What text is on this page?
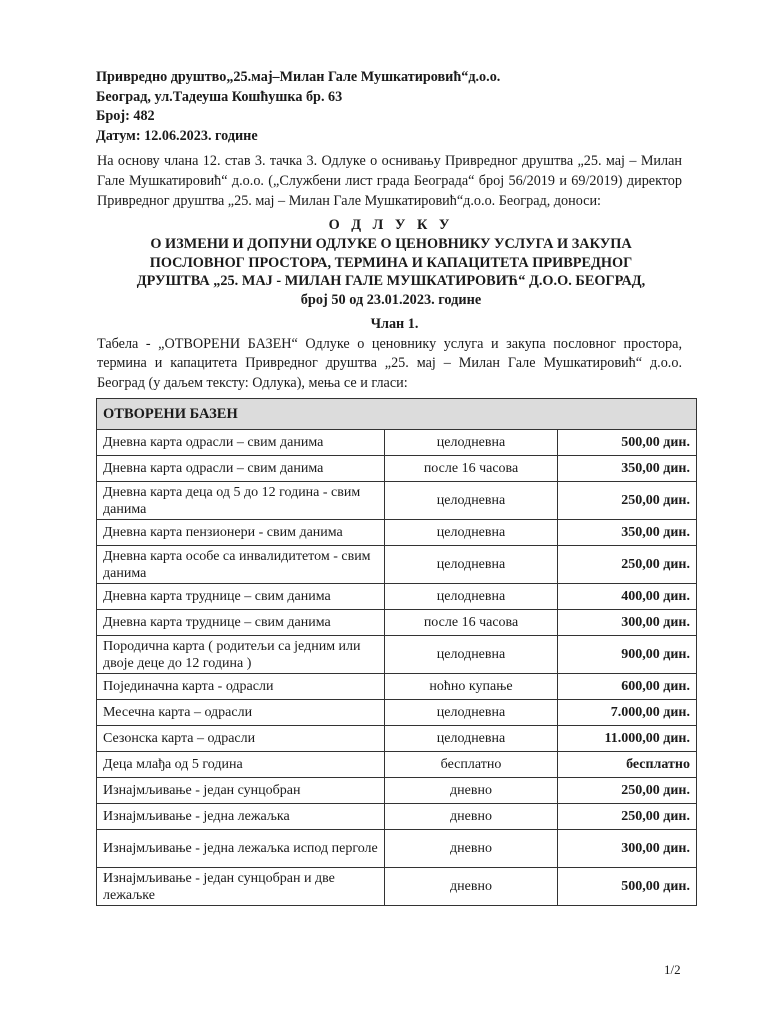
Привредно друштво„25.мај–Милан Гале Мушкатировић“д.о.о.
Београд, ул.Тадеуша Кошћушка бр. 63
Број: 482
Датум: 12.06.2023. године
На основу члана 12. став 3. тачка 3. Одлуке о оснивању Привредног друштва „25. мај – Милан Гале Мушкатировић“ д.о.о. („Службени лист града Београда“ број 56/2019 и 69/2019) директор Привредног друштва „25. мај – Милан Гале Мушкатировић“д.о.о. Београд, доноси:
О Д Л У К У
О ИЗМЕНИ И ДОПУНИ ОДЛУКЕ О ЦЕНОВНИКУ УСЛУГА И ЗАКУПА
ПОСЛОВНОГ ПРОСТОРА, ТЕРМИНА И КАПАЦИТЕТА ПРИВРЕДНОГ
ДРУШТВА „25. МАЈ - МИЛАН ГАЛЕ МУШКАТИРОВИЋ“ Д.О.О. БЕОГРАД,
број 50 од 23.01.2023. године
Члан 1.

Табела - „ОТВОРЕНИ БАЗЕН“ Одлуке о ценовнику услуга и закупа пословног простора, термина и капацитета Привредног друштва „25. мај – Милан Гале Мушкатировић“ д.о.о. Београд (у даљем тексту: Одлука), мења се и гласи:

ОТВОРЕНИ БАЗЕН		
Дневна карта одрасли – свим данима	целодневна	500,00 дин.
Дневна карта одрасли – свим данима	после 16 часова	350,00 дин.
Дневна карта деца од 5 до 12 година - свим данима	целодневна	250,00 дин.
Дневна карта пензионери - свим данима	целодневна	350,00 дин.
Дневна карта особе са инвалидитетом - свим данима	целодневна	250,00 дин.
Дневна карта труднице – свим данима	целодневна	400,00 дин.
Дневна карта труднице – свим данима	после 16 часова	300,00 дин.
Породична карта ( родитељи са једним или двоје деце до 12 година )	целодневна	900,00 дин.
Појединачна карта - одрасли	ноћно купање	600,00 дин.
Месечна карта – одрасли	целодневна	7.000,00 дин.
Сезонска карта – одрасли	целодневна	11.000,00 дин.
Деца млађа од 5 година	бесплатно	бесплатно
Изнајмљивање - један сунцобран	дневно	250,00 дин.
Изнајмљивање - једна лежаљка	дневно	250,00 дин.
Изнајмљивање - једна лежаљка испод перголе	дневно	300,00 дин.
Изнајмљивање - један сунцобран и две лежаљке	дневно	500,00 дин.
1/2
